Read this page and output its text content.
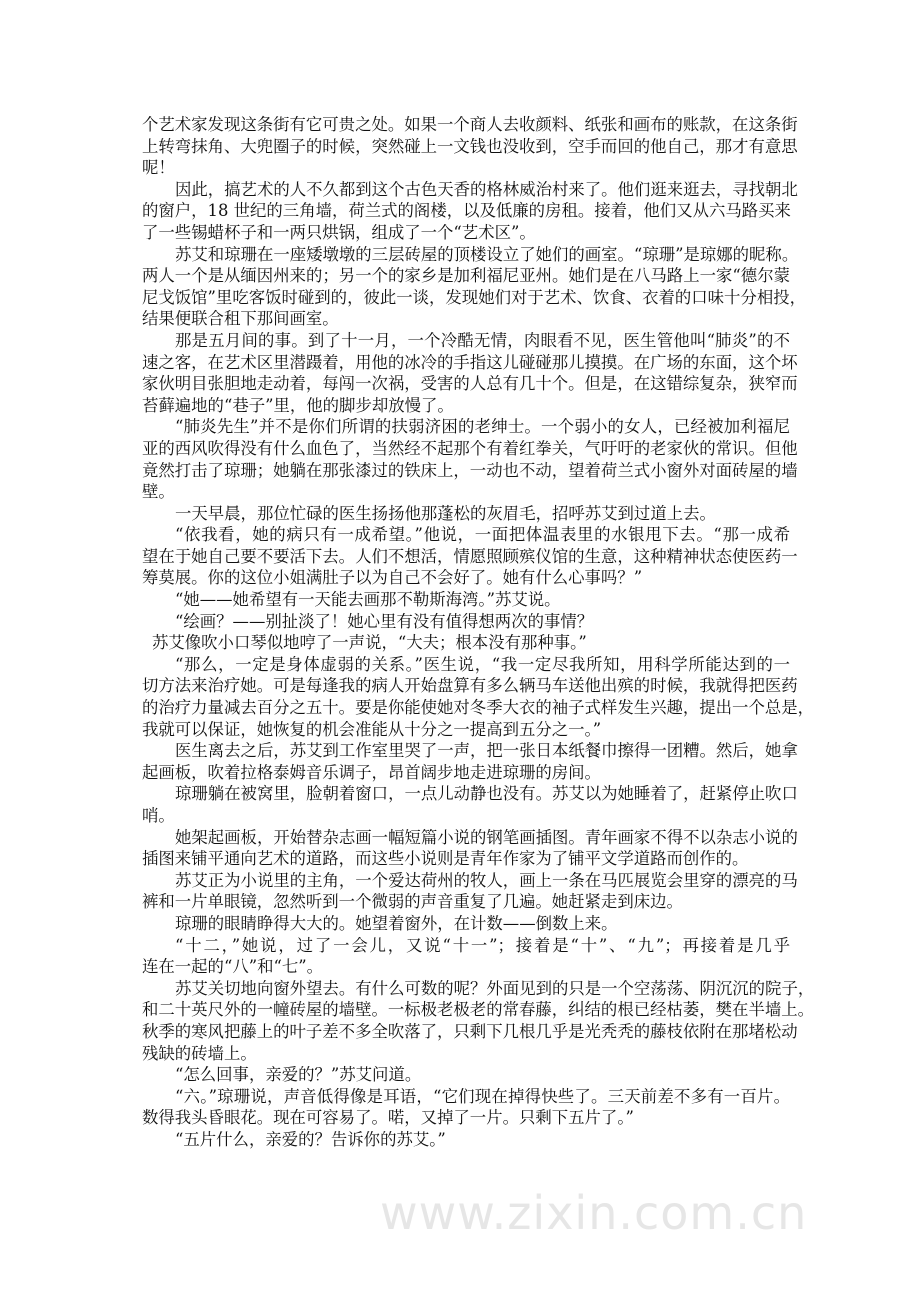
www.zixin.com.cn
个艺术家发现这条街有它可贵之处。如果一个商人去收颜料、纸张和画布的账款，在这条街
上转弯抹角、大兜圈子的时候，突然碰上一文钱也没收到，空手而回的他自己，那才有意思
呢！
因此，搞艺术的人不久都到这个古色天香的格林威治村来了。他们逛来逛去，寻找朝北
的窗户，18 世纪的三角墙，荷兰式的阁楼，以及低廉的房租。接着，他们又从六马路买来
了一些锡蜡杯子和一两只烘锅，组成了一个“艺术区”。
苏艾和琼珊在一座矮墩墩的三层砖屋的顶楼设立了她们的画室。“琼珊”是琼娜的昵称。
两人一个是从缅因州来的；另一个的家乡是加利福尼亚州。她们是在八马路上一家“德尔蒙
尼戈饭馆”里吃客饭时碰到的，彼此一谈，发现她们对于艺术、饮食、衣着的口味十分相投，
结果便联合租下那间画室。
那是五月间的事。到了十一月，一个冷酷无情，肉眼看不见，医生管他叫“肺炎”的不
速之客，在艺术区里潜蹑着，用他的冰冷的手指这儿碰碰那儿摸摸。在广场的东面，这个坏
家伙明目张胆地走动着，每闯一次祸，受害的人总有几十个。但是，在这错综复杂，狭窄而
苔藓遍地的“巷子”里，他的脚步却放慢了。
“肺炎先生”并不是你们所谓的扶弱济困的老绅士。一个弱小的女人，已经被加利福尼
亚的西风吹得没有什么血色了，当然经不起那个有着红拳关，气吁吁的老家伙的常识。但他
竟然打击了琼珊；她躺在那张漆过的铁床上，一动也不动，望着荷兰式小窗外对面砖屋的墙
壁。
一天早晨，那位忙碌的医生扬扬他那蓬松的灰眉毛，招呼苏艾到过道上去。
“依我看，她的病只有一成希望。”他说，一面把体温表里的水银甩下去。“那一成希
望在于她自己要不要活下去。人们不想活，情愿照顾殡仪馆的生意，这种精神状态使医药一
筹莫展。你的这位小姐满肚子以为自己不会好了。她有什么心事吗？”
“她——她希望有一天能去画那不勒斯海湾。”苏艾说。
“绘画？——别扯淡了！她心里有没有值得想两次的事情？
苏艾像吹小口琴似地哼了一声说，“大夫；根本没有那种事。”
“那么，一定是身体虚弱的关系。”医生说，“我一定尽我所知，用科学所能达到的一
切方法来治疗她。可是每逢我的病人开始盘算有多么辆马车送他出殡的时候，我就得把医药
的治疗力量减去百分之五十。要是你能使她对冬季大衣的袖子式样发生兴趣，提出一个总是，
我就可以保证，她恢复的机会准能从十分之一提高到五分之一。”
医生离去之后，苏艾到工作室里哭了一声，把一张日本纸餐巾擦得一团糟。然后，她拿
起画板，吹着拉格泰姆音乐调子，昂首阔步地走进琼珊的房间。
琼珊躺在被窝里，脸朝着窗口，一点儿动静也没有。苏艾以为她睡着了，赶紧停止吹口
哨。
她架起画板，开始替杂志画一幅短篇小说的钢笔画插图。青年画家不得不以杂志小说的
插图来铺平通向艺术的道路，而这些小说则是青年作家为了铺平文学道路而创作的。
苏艾正为小说里的主角，一个爱达荷州的牧人，画上一条在马匹展览会里穿的漂亮的马
裤和一片单眼镜，忽然听到一个微弱的声音重复了几遍。她赶紧走到床边。
琼珊的眼睛睁得大大的。她望着窗外，在计数——倒数上来。
“十二，”她说，过了一会儿，又说“十一”；接着是“十”、“九”；再接着是几乎
连在一起的“八”和“七”。
苏艾关切地向窗外望去。有什么可数的呢？外面见到的只是一个空荡荡、阴沉沉的院子，
和二十英尺外的一幢砖屋的墙壁。一标极老极老的常春藤，纠结的根已经枯萎，樊在半墙上。
秋季的寒风把藤上的叶子差不多全吹落了，只剩下几根几乎是光秃秃的藤枝依附在那堵松动
残缺的砖墙上。
“怎么回事，亲爱的？”苏艾问道。
“六。”琼珊说，声音低得像是耳语，“它们现在掉得快些了。三天前差不多有一百片。
数得我头昏眼花。现在可容易了。喏，又掉了一片。只剩下五片了。”
“五片什么，亲爱的？告诉你的苏艾。”
